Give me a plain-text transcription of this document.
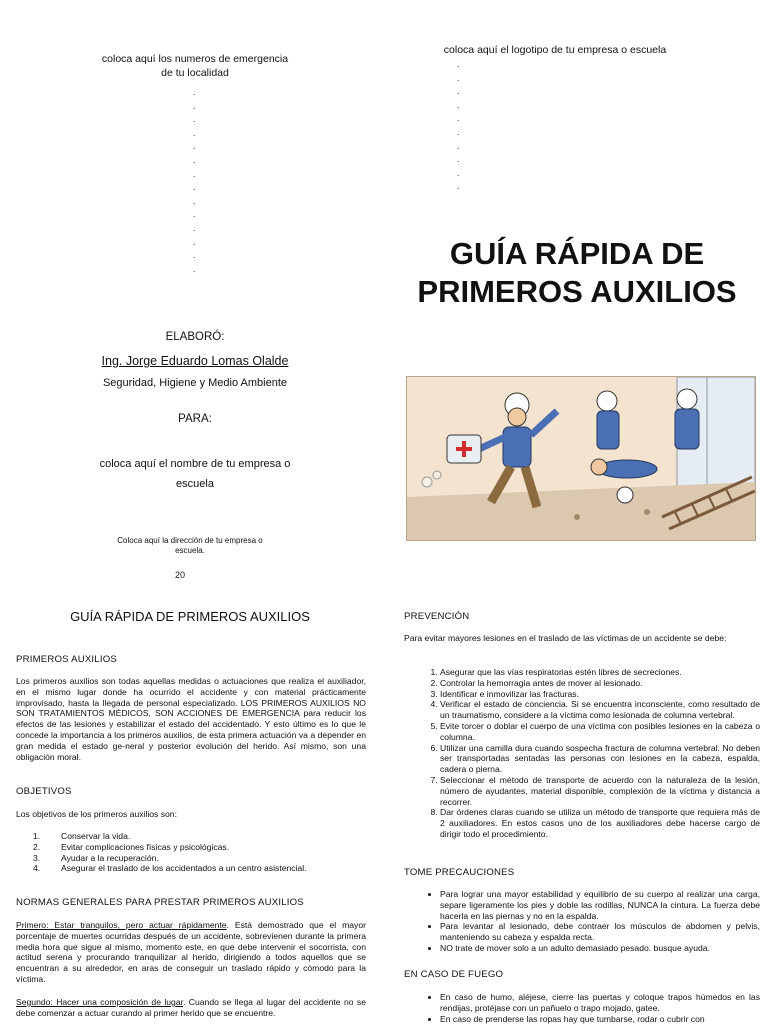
coloca aquí los numeros de emergencia de tu localidad
.
.
.
.
.
.
.
.
.
.
.
.
.
.
ELABORÓ:
Ing. Jorge Eduardo Lomas Olalde
Seguridad, Higiene y Medio Ambiente
PARA:
coloca aquí el nombre de tu empresa o escuela
Coloca aquí la dirección de tu empresa o escuela.
20
coloca aquí el logotipo de tu empresa o escuela
.
.
.
.
.
.
.
.
.
.
GUÍA RÁPIDA DE
PRIMEROS AUXILIOS
GUÍA RÁPIDA DE PRIMEROS AUXILIOS
PRIMEROS AUXILIOS
Los primeros auxilios son todas aquellas medidas o actuaciones que realiza el auxiliador, en el mismo lugar donde ha ocurrido el accidente y con material prácticamente improvisado, hasta la llegada de personal especializado. LOS PRIMEROS AUXILIOS NO SON TRATAMIENTOS MÉDICOS, SON ACCIONES DE EMERGENCIA para reducir los efectos de las lesiones y estabilizar el estado del accidentado. Y esto último es lo que le concede la importancia a los primeros auxilios, de esta primera actuación va a depender en gran medida el estado ge-neral y posterior evolución del herido. Así mismo, son una obligación moral.
OBJETIVOS
Los objetivos de los primeros auxilios son:
1.	Conservar la vida.
2.	Evitar complicaciones físicas y psicológicas.
3.	Ayudar a la recuperación.
4.	Asegurar el traslado de los accidentados a un centro asistencial.
NORMAS GENERALES PARA PRESTAR PRIMEROS AUXILIOS
Primero: Estar tranquilos, pero actuar rápidamente. Está demostrado que el mayor porcentaje de muertes ocurridas después de un accidente, sobrevienen durante la primera media hora que sigue al mismo, momento este, en que debe intervenir el socorrista, con actitud serena y procurando tranquilizar al herido, dirigiendo a todos aquellos que se encuentran a su alrededor, en aras de conseguir un traslado rápido y cómodo para la víctima.
Segundo: Hacer una composición de lugar. Cuando se llega al lugar del accidente no se debe comenzar a actuar curando al primer herido que se encuentre.
PREVENCIÓN
Para evitar mayores lesiones en el traslado de las víctimas de un accidente se debe:
1. Asegurar que las vías respiratorias estén libres de secreciones.
2. Controlar la hemorragia antes de mover al lesionado.
3. Identificar e inmovilizar las fracturas.
4. Verificar el estado de conciencia. Si se encuentra inconsciente, como resultado de un traumatismo, considere a la víctima como lesionada de columna vertebral.
5. Evite torcer o doblar el cuerpo de una víctima con posibles lesiones en la cabeza o columna.
6. Utilizar una camilla dura cuando sospecha fractura de columna vertebral. No deben ser transportadas sentadas las personas con lesiones en la cabeza, espalda, cadera o pierna.
7. Seleccionar el método de transporte de acuerdo con la naturaleza de la lesión, número de ayudantes, material disponible, complexión de la víctima y distancia a recorrer.
8. Dar órdenes claras cuando se utiliza un método de transporte que requiera más de 2 auxiliadores. En estos casos uno de los auxiliadores debe hacerse cargo de dirigir todo el procedimiento.
TOME PRECAUCIONES
• Para lograr una mayor estabilidad y equilibrio de su cuerpo al realizar una carga, separe ligeramente los pies y doble las rodillas, NUNCA la cintura. La fuerza debe hacerla en las piernas y no en la espalda.
• Para levantar al lesionado, debe contraer los músculos de abdomen y pelvis, manteniendo su cabeza y espalda recta.
• NO trate de mover solo a un adulto demasiado pesado. busque ayuda.
EN CASO DE FUEGO
• En caso de humo, aléjese, cierre las puertas y coloque trapos húmedos en las rendijas, protéjase con un pañuelo o trapo mojado, gatee.
• En caso de prenderse las ropas hay que tumbarse, rodar o cubrir con
